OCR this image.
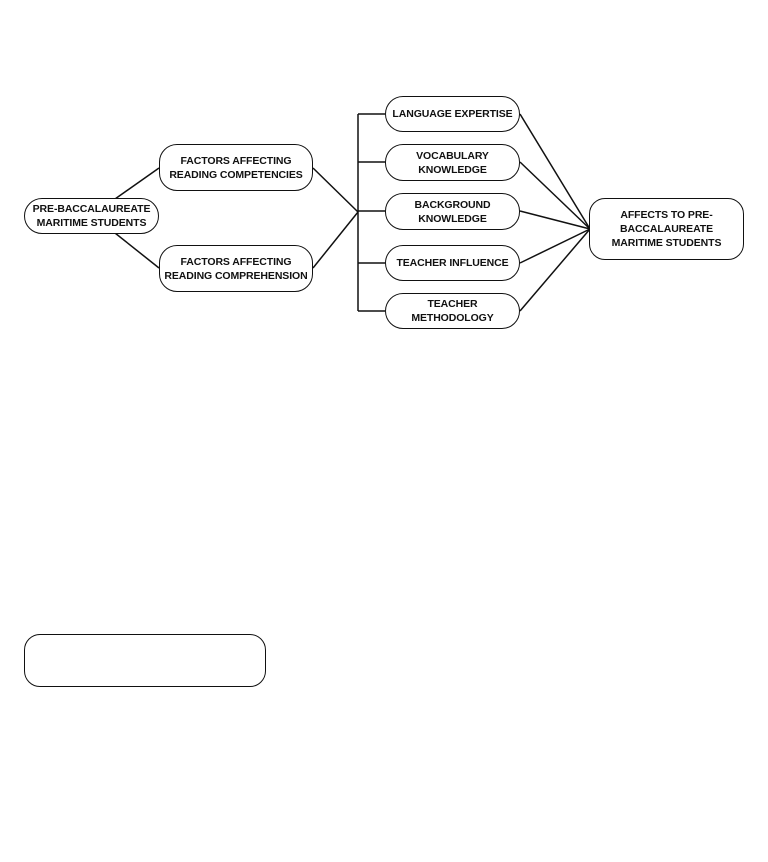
PRE-BACCALAUREATE MARITIME STUDENTS
FACTORS AFFECTING READING COMPETENCIES
FACTORS AFFECTING READING COMPREHENSION
LANGUAGE EXPERTISE
VOCABULARY KNOWLEDGE
BACKGROUND KNOWLEDGE
TEACHER INFLUENCE
TEACHER METHODOLOGY
AFFECTS TO PRE-BACCALAUREATE MARITIME STUDENTS
